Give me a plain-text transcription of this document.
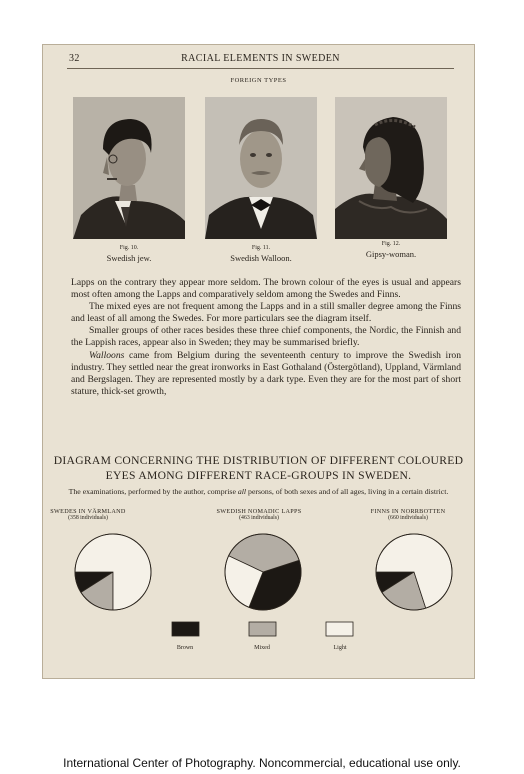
32	RACIAL ELEMENTS IN SWEDEN
FOREIGN TYPES
Fig. 10.
Swedish jew.
Fig. 11.
Swedish Walloon.
Fig. 12.
Gipsy-woman.

Lapps on the contrary they appear more seldom. The brown colour of the eyes is usual and appears most often among the Lapps and comparatively seldom among the Swedes and Finns.

The mixed eyes are not frequent among the Lapps and in a still smaller degree among the Finns and least of all among the Swedes. For more particulars see the diagram itself.

Smaller groups of other races besides these three chief components, the Nordic, the Finnish and the Lappish races, appear also in Sweden; they may be summarised briefly.

Walloons came from Belgium during the seventeenth century to improve the Swedish iron industry. They settled near the great ironworks in East Gothaland (Östergötland), Uppland, Värmland and Bergslagen. They are represented mostly by a dark type. Even they are for the most part of short stature, thick-set growth,

DIAGRAM CONCERNING THE DISTRIBUTION OF DIFFERENT COLOURED
EYES AMONG DIFFERENT RACE-GROUPS IN SWEDEN.
The examinations, performed by the author, comprise all persons, of both sexes and of all ages, living in a certain district.
SWEDES IN VÄRMLAND
(358 individuals)
SWEDISH NOMADIC LAPPS
(463 individuals)
FINNS IN NORRBOTTEN
(660 individuals)
Brown	Mixed	Light
International Center of Photography. Noncommercial, educational use only.
